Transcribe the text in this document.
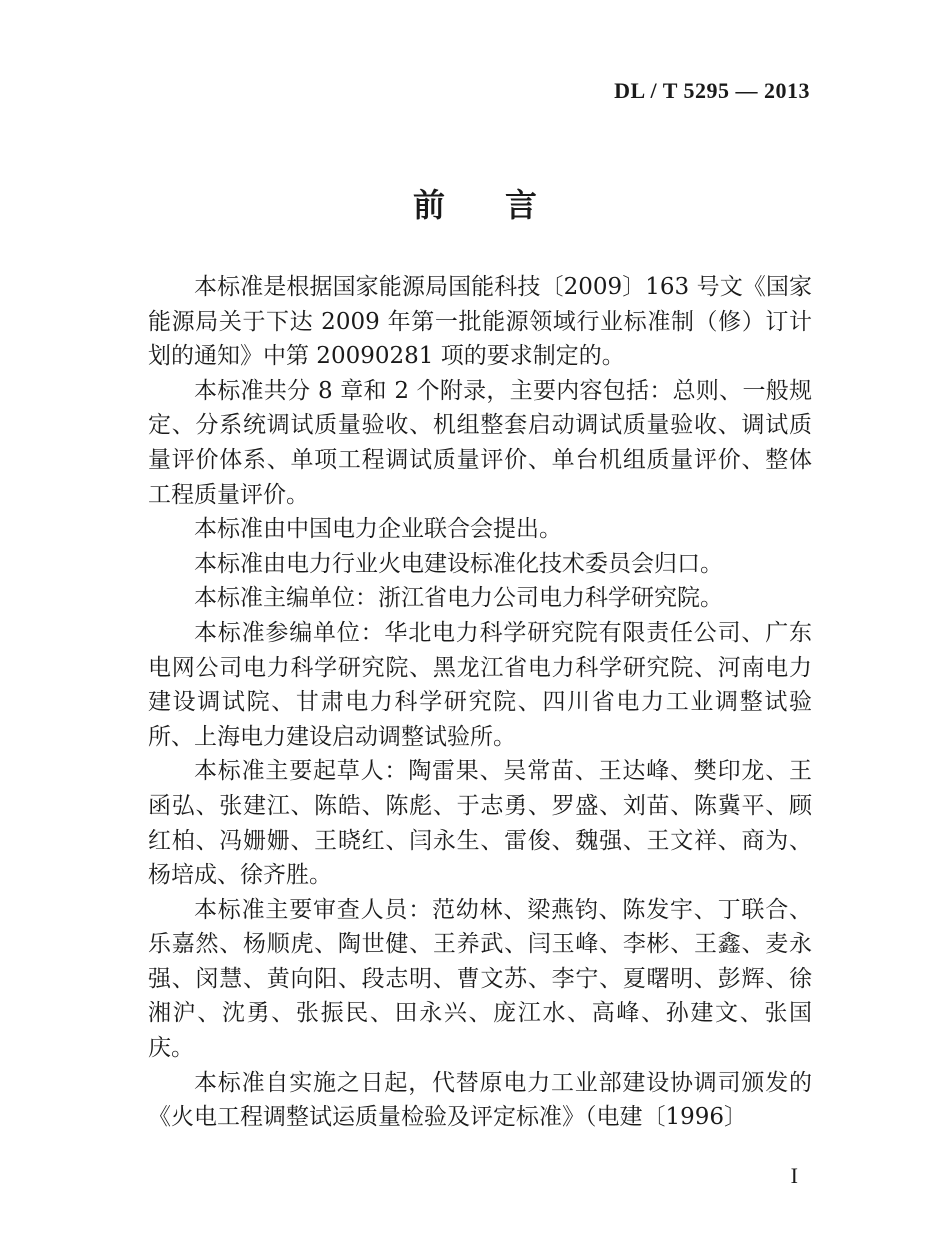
DL / T 5295 — 2013
前言

本标准是根据国家能源局国能科技〔2009〕163 号文《国家能源局关于下达 2009 年第一批能源领域行业标准制（修）订计划的通知》中第 20090281 项的要求制定的。

本标准共分 8 章和 2 个附录，主要内容包括：总则、一般规定、分系统调试质量验收、机组整套启动调试质量验收、调试质量评价体系、单项工程调试质量评价、单台机组质量评价、整体工程质量评价。

本标准由中国电力企业联合会提出。

本标准由电力行业火电建设标准化技术委员会归口。

本标准主编单位：浙江省电力公司电力科学研究院。

本标准参编单位：华北电力科学研究院有限责任公司、广东电网公司电力科学研究院、黑龙江省电力科学研究院、河南电力建设调试院、甘肃电力科学研究院、四川省电力工业调整试验所、上海电力建设启动调整试验所。

本标准主要起草人：陶雷果、吴常苗、王达峰、樊印龙、王函弘、张建江、陈皓、陈彪、于志勇、罗盛、刘苗、陈冀平、顾红柏、冯姗姗、王晓红、闫永生、雷俊、魏强、王文祥、商为、杨培成、徐齐胜。

本标准主要审查人员：范幼林、梁燕钧、陈发宇、丁联合、乐嘉然、杨顺虎、陶世健、王养武、闫玉峰、李彬、王鑫、麦永强、闵慧、黄向阳、段志明、曹文苏、李宁、夏曙明、彭辉、徐湘沪、沈勇、张振民、田永兴、庞江水、高峰、孙建文、张国庆。

本标准自实施之日起，代替原电力工业部建设协调司颁发的《火电工程调整试运质量检验及评定标准》（电建〔1996〕

I
